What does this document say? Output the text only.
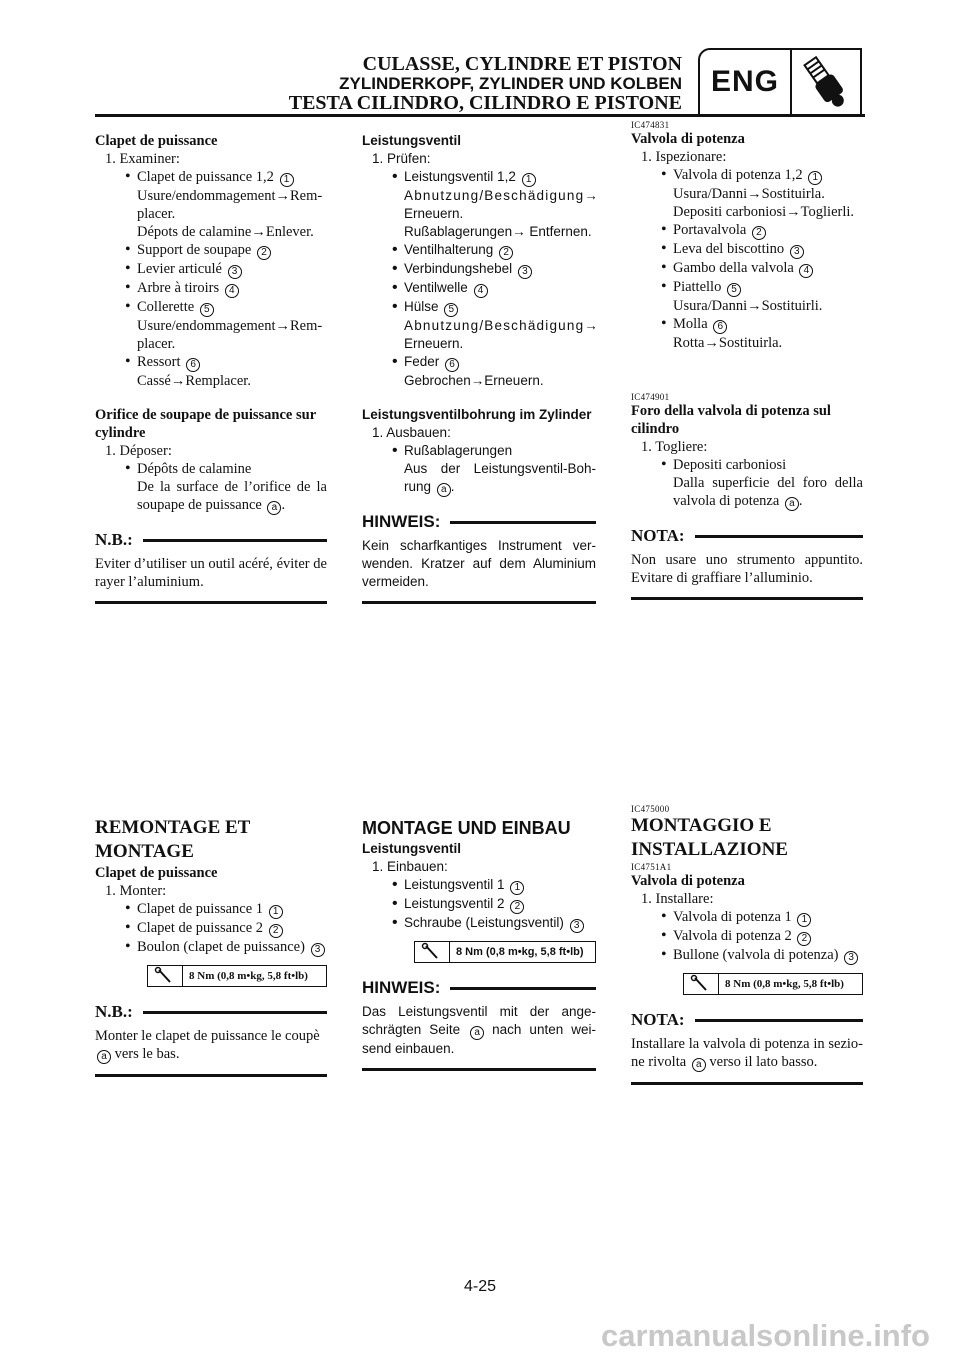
CULASSE, CYLINDRE ET PISTON
ZYLINDERKOPF, ZYLINDER UND KOLBEN
TESTA CILINDRO, CILINDRO E PISTONE
ENG
Clapet de puissance
1. Examiner:
• Clapet de puissance 1,2 1
Usure/endommagement→Rem-
placer.
Dépots de calamine→Enlever.
• Support de soupape 2
• Levier articulé 3
• Arbre à tiroirs 4
• Collerette 5
Usure/endommagement→Rem-
placer.
• Ressort 6
Cassé→Remplacer.
Orifice de soupape de puissance sur cylindre
1. Déposer:
• Dépôts de calamine
De la surface de l’orifice de la soupape de puissance a .
N.B.:
Eviter d’utiliser un outil acéré, éviter de rayer l’aluminium.
REMONTAGE ET MONTAGE
Clapet de puissance
1. Monter:
• Clapet de puissance 1 1
• Clapet de puissance 2 2
• Boulon (clapet de puissance) 3
8 Nm (0,8 m•kg, 5,8 ft•lb)
N.B.:
Monter le clapet de puissance le coupè a vers le bas.
Leistungsventil
1. Prüfen:
• Leistungsventil 1,2 1
Abnutzung/Beschädigung→
Erneuern.
Rußablagerungen→ Entfernen.
• Ventilhalterung 2
• Verbindungshebel 3
• Ventilwelle 4
• Hülse 5
Abnutzung/Beschädigung→
Erneuern.
• Feder 6
Gebrochen→Erneuern.
Leistungsventilbohrung im Zylinder
1. Ausbauen:
• Rußablagerungen
Aus der Leistungsventil-Boh-rung a .
HINWEIS:
Kein scharfkantiges Instrument ver-wenden. Kratzer auf dem Aluminium vermeiden.
MONTAGE UND EINBAU
Leistungsventil
1. Einbauen:
• Leistungsventil 1 1
• Leistungsventil 2 2
• Schraube (Leistungsventil) 3
8 Nm (0,8 m•kg, 5,8 ft•lb)
HINWEIS:
Das Leistungsventil mit der ange-schrägten Seite a nach unten wei-send einbauen.
IC474831
Valvola di potenza
1. Ispezionare:
• Valvola di potenza 1,2 1
Usura/Danni→Sostituirla.
Depositi carboniosi→Toglierli.
• Portavalvola 2
• Leva del biscottino 3
• Gambo della valvola 4
• Piattello 5
Usura/Danni→Sostituirli.
• Molla 6
Rotta→Sostituirla.
IC474901
Foro della valvola di potenza sul cilindro
1. Togliere:
• Depositi carboniosi
Dalla superficie del foro della valvola di potenza a .
NOTA:
Non usare uno strumento appuntito. Evitare di graffiare l’alluminio.
IC475000
MONTAGGIO E INSTALLAZIONE
IC4751A1
Valvola di potenza
1. Installare:
• Valvola di potenza 1 1
• Valvola di potenza 2 2
• Bullone (valvola di potenza) 3
8 Nm (0,8 m•kg, 5,8 ft•lb)
NOTA:
Installare la valvola di potenza in sezio-ne rivolta a verso il lato basso.
4-25
carmanualsonline.info
